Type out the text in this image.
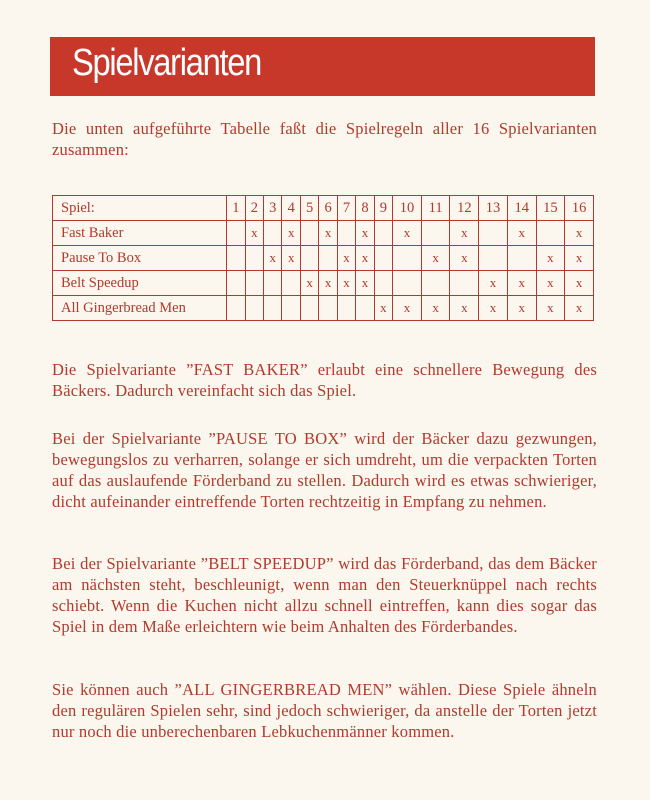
Spielvarianten

Die unten aufgeführte Tabelle faßt die Spielregeln aller 16 Spielvarianten zusammen:

Spiel:	1	2	3	4	5	6	7	8	9	10	11	12	13	14	15	16
Fast Baker		x		x		x		x		x		x		x		x
Pause To Box			x	x			x	x			x	x			x	x
Belt Speedup					x	x	x	x					x	x	x	x
All Gingerbread Men									x	x	x	x	x	x	x	x

Die Spielvariante ”FAST BAKER” erlaubt eine schnellere Bewegung des Bäckers. Dadurch vereinfacht sich das Spiel.

Bei der Spielvariante ”PAUSE TO BOX” wird der Bäcker dazu gezwungen, bewegungslos zu verharren, solange er sich umdreht, um die verpackten Torten auf das auslaufende Förderband zu stellen. Dadurch wird es etwas schwieriger, dicht aufeinander eintreffende Torten rechtzeitig in Empfang zu nehmen.

Bei der Spielvariante ”BELT SPEEDUP” wird das Förderband, das dem Bäcker am nächsten steht, beschleunigt, wenn man den Steuerknüppel nach rechts schiebt. Wenn die Kuchen nicht allzu schnell eintreffen, kann dies sogar das Spiel in dem Maße erleichtern wie beim Anhalten des Förderbandes.

Sie können auch ”ALL GINGERBREAD MEN” wählen. Diese Spiele ähneln den regulären Spielen sehr, sind jedoch schwieriger, da anstelle der Torten jetzt nur noch die unberechenbaren Lebkuchenmänner kommen.
